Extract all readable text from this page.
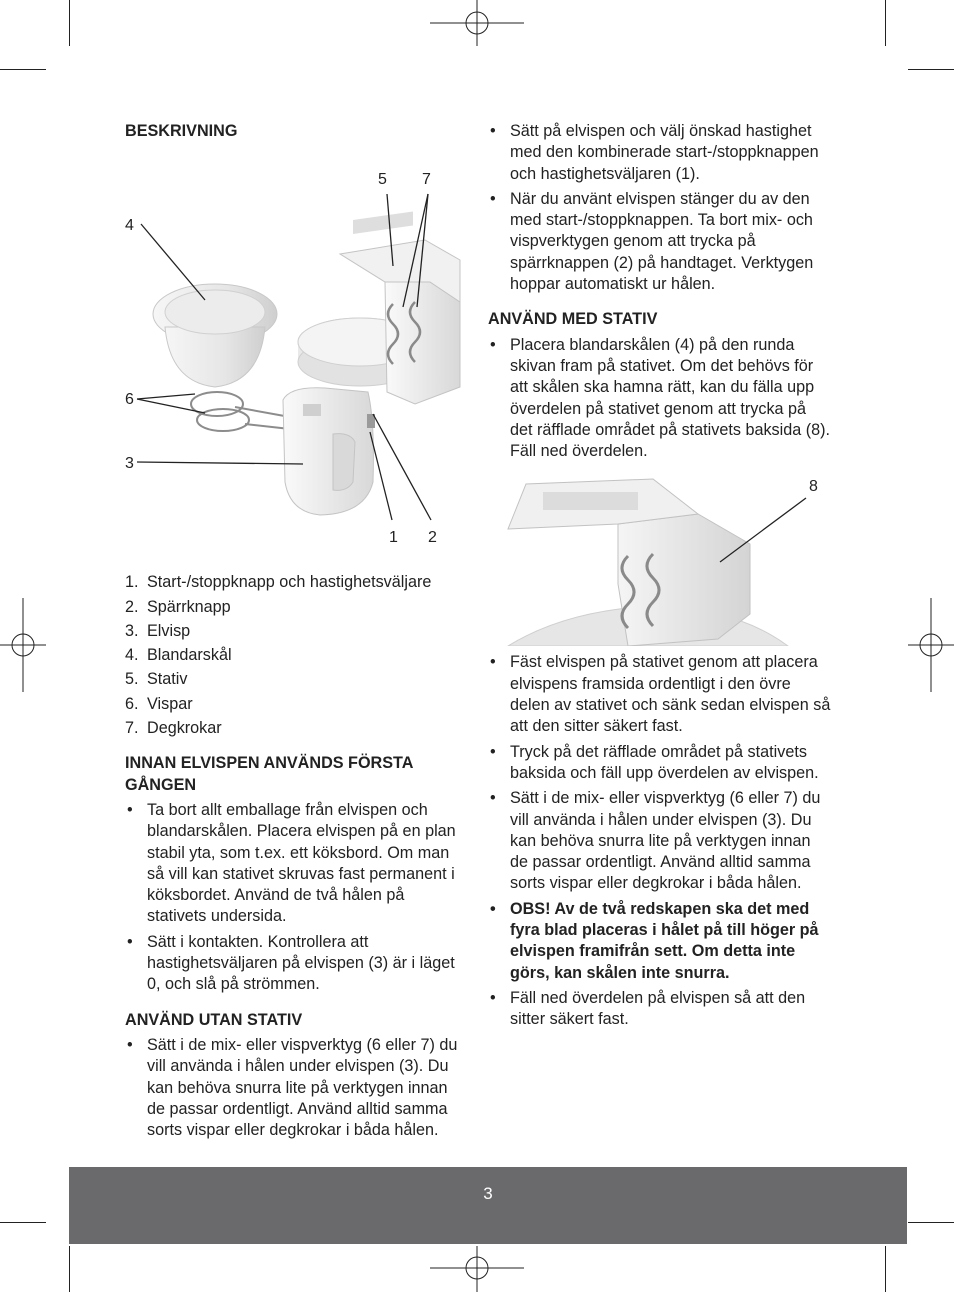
BESKRIVNING
4
5 7
6
3
1 2
1. Start-/stoppknapp och hastighetsväljare
2. Spärrknapp
3. Elvisp
4. Blandarskål
5. Stativ
6. Vispar
7. Degkrokar
INNAN ELVISPEN ANVÄNDS FÖRSTA GÅNGEN
• Ta bort allt emballage från elvispen och blandarskålen. Placera elvispen på en plan stabil yta, som t.ex. ett köksbord. Om man så vill kan stativet skruvas fast permanent i köksbordet. Använd de två hålen på stativets undersida.
• Sätt i kontakten. Kontrollera att hastighetsväljaren på elvispen (3) är i läget 0, och slå på strömmen.
ANVÄND UTAN STATIV
• Sätt i de mix- eller vispverktyg (6 eller 7) du vill använda i hålen under elvispen (3). Du kan behöva snurra lite på verktygen innan de passar ordentligt. Använd alltid samma sorts vispar eller degkrokar i båda hålen.
• Sätt på elvispen och välj önskad hastighet med den kombinerade start-/stoppknappen och hastighetsväljaren (1).
• När du använt elvispen stänger du av den med start-/stoppknappen. Ta bort mix- och vispverktygen genom att trycka på spärrknappen (2) på handtaget. Verktygen hoppar automatiskt ur hålen.
ANVÄND MED STATIV
• Placera blandarskålen (4) på den runda skivan fram på stativet. Om det behövs för att skålen ska hamna rätt, kan du fälla upp överdelen på stativet genom att trycka på det räfflade området på stativets baksida (8). Fäll ned överdelen.
8
• Fäst elvispen på stativet genom att placera elvispens framsida ordentligt i den övre delen av stativet och sänk sedan elvispen så att den sitter säkert fast.
• Tryck på det räfflade området på stativets baksida och fäll upp överdelen av elvispen.
• Sätt i de mix- eller vispverktyg (6 eller 7) du vill använda i hålen under elvispen (3). Du kan behöva snurra lite på verktygen innan de passar ordentligt. Använd alltid samma sorts vispar eller degkrokar i båda hålen.
• OBS! Av de två redskapen ska det med fyra blad placeras i hålet på till höger på elvispen framifrån sett. Om detta inte görs, kan skålen inte snurra.
• Fäll ned överdelen på elvispen så att den sitter säkert fast.
3
